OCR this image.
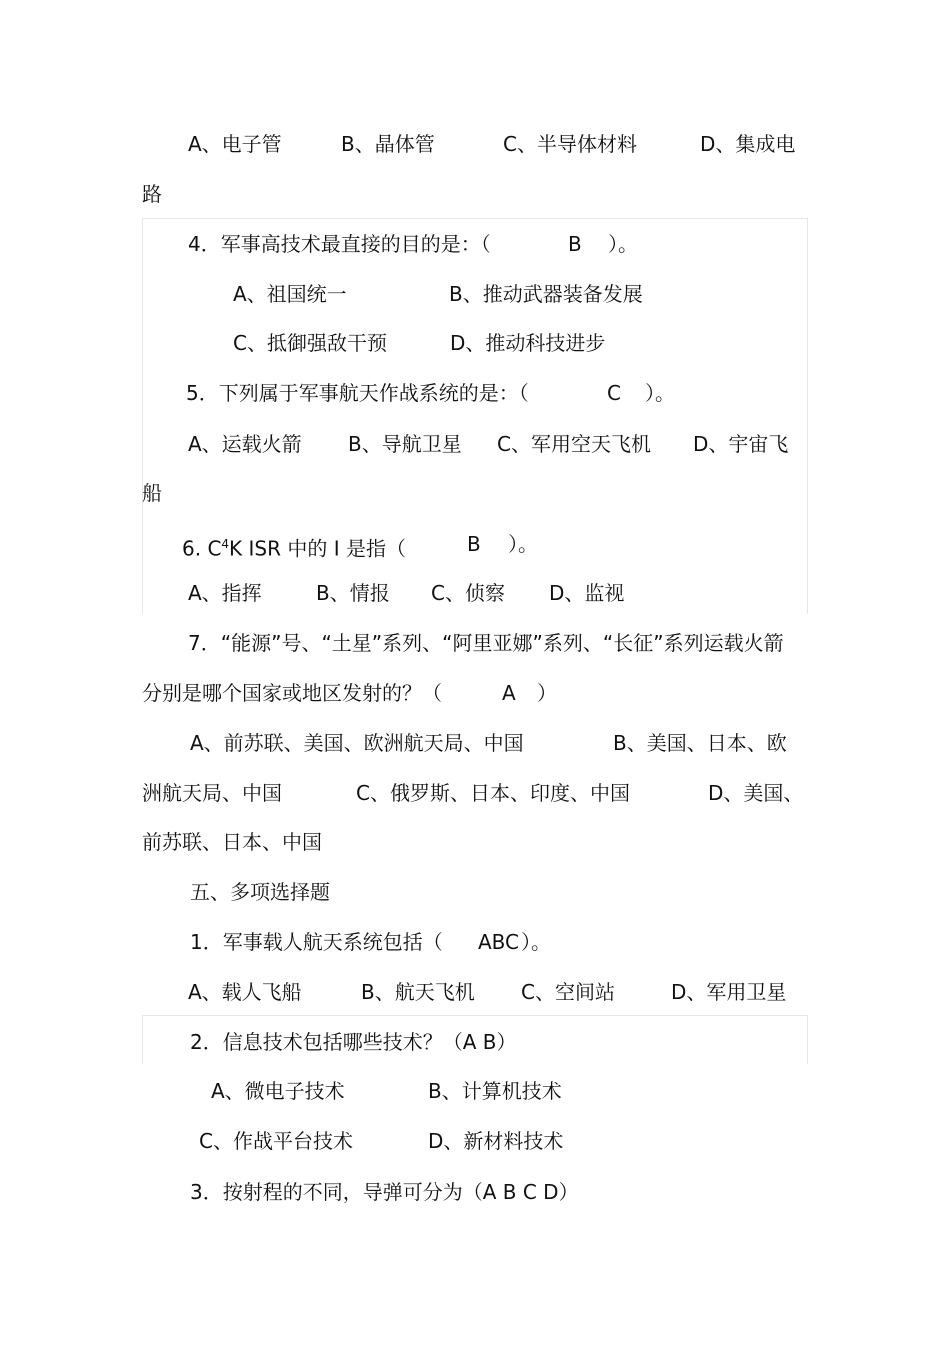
A、电子管	B、晶体管	C、半导体材料	D、集成电
路
4．军事高技术最直接的目的是：（	B ）。
A、祖国统一	B、推动武器装备发展
C、抵御强敌干预	D、推动科技进步
5．下列属于军事航天作战系统的是：（	C ）。
A、运载火箭 B、导航卫星 C、军用空天飞机 D、宇宙飞
船
6. $C^4K$ ISR 中的 I 是指（	B ）。
A、指挥	B、情报 C、侦察 D、监视
7．“能源”号、“土星”系列、“阿里亚娜”系列、“长征”系列运载火箭
分别是哪个国家或地区发射的？（	A ）
A、前苏联、美国、欧洲航天局、中国	B、美国、日本、欧
洲航天局、中国	C、俄罗斯、日本、印度、中国	D、美国、
前苏联、日本、中国
五、多项选择题
1．军事载人航天系统包括（ ABC ）。
A、载人飞船	B、航天飞机 C、空间站	D、军用卫星
2．信息技术包括哪些技术？（A B）
A、微电子技术	B、计算机技术
C、作战平台技术	D、新材料技术
3．按射程的不同，导弹可分为（A B C D）
